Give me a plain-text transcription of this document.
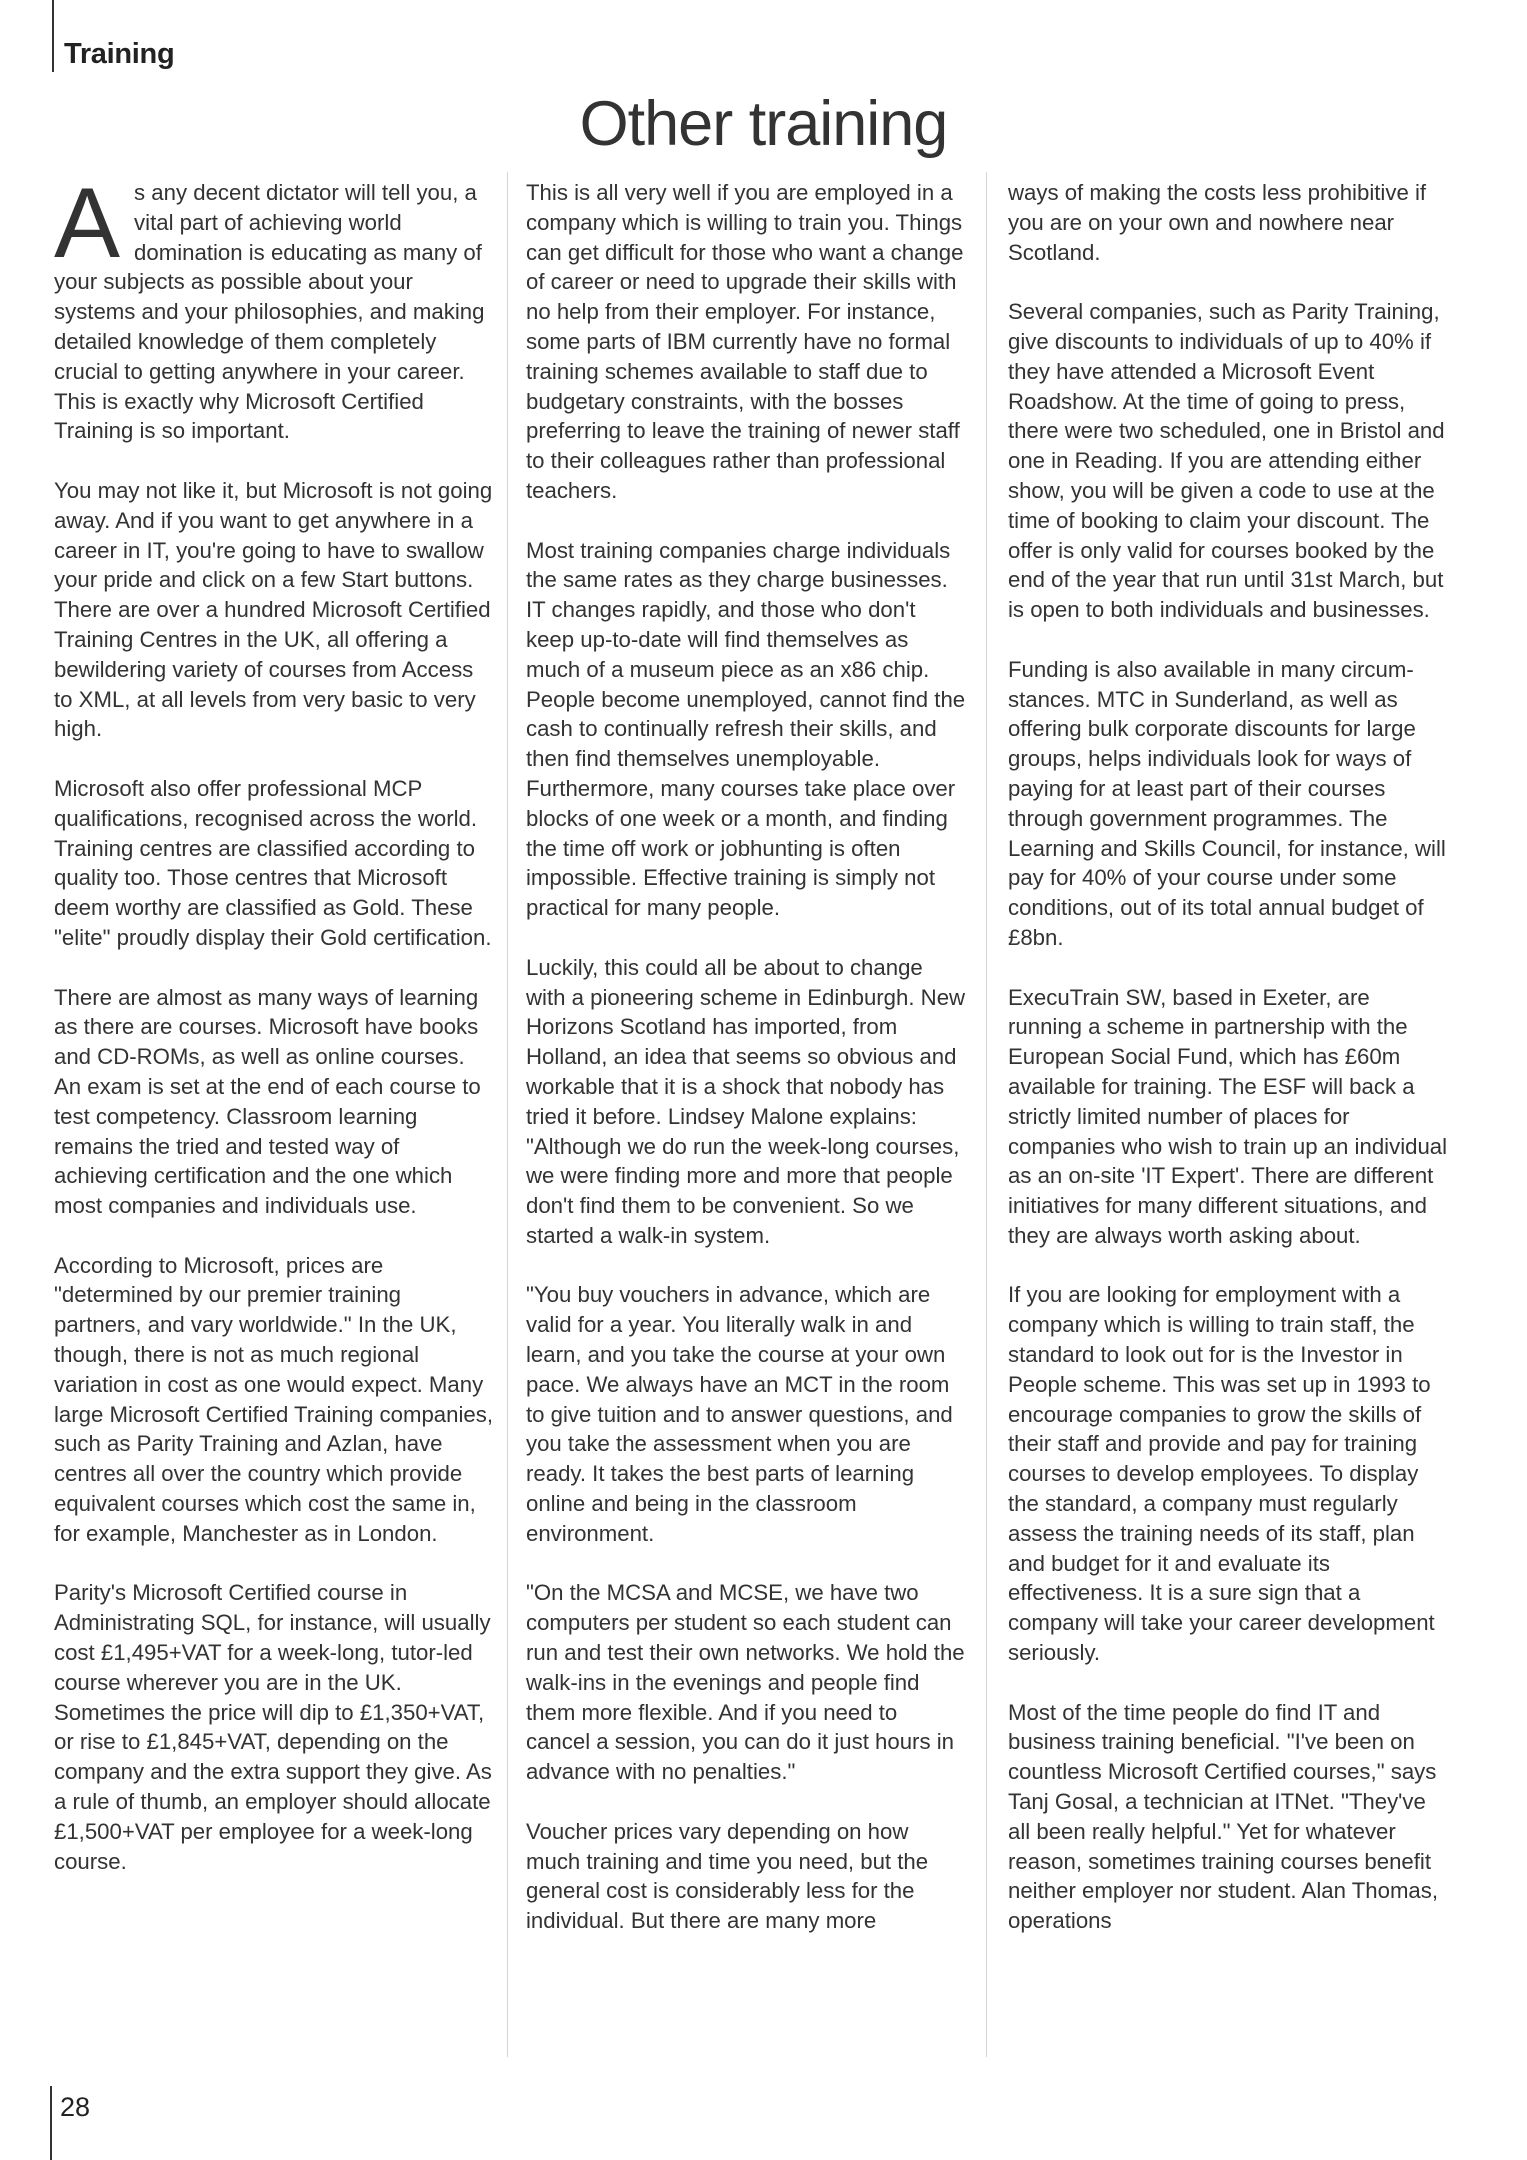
Training
Other training

As any decent dictator will tell you, a vital part of achieving world domination is educating as many of your subjects as possible about your systems and your philosophies, and making detailed knowledge of them completely crucial to getting anywhere in your career. This is exactly why Microsoft Certified Training is so important.

You may not like it, but Microsoft is not going away. And if you want to get anywhere in a career in IT, you're going to have to swallow your pride and click on a few Start buttons. There are over a hundred Microsoft Certified Training Centres in the UK, all offering a bewildering variety of courses from Access to XML, at all levels from very basic to very high.

Microsoft also offer professional MCP qualifications, recognised across the world. Training centres are classified according to quality too. Those centres that Microsoft deem worthy are classified as Gold. These "elite" proudly display their Gold certification.

There are almost as many ways of learning as there are courses. Microsoft have books and CD-ROMs, as well as online courses. An exam is set at the end of each course to test competency. Classroom learning remains the tried and tested way of achieving certification and the one which most companies and individuals use.

According to Microsoft, prices are "determined by our premier training partners, and vary worldwide." In the UK, though, there is not as much regional variation in cost as one would expect. Many large Microsoft Certified Training companies, such as Parity Training and Azlan, have centres all over the country which provide equivalent courses which cost the same in, for example, Manchester as in London.

Parity's Microsoft Certified course in Administrating SQL, for instance, will usually cost £1,495+VAT for a week-long, tutor-led course wherever you are in the UK. Sometimes the price will dip to £1,350+VAT, or rise to £1,845+VAT, depending on the company and the extra support they give. As a rule of thumb, an employer should allocate £1,500+VAT per employee for a week-long course.

This is all very well if you are employed in a company which is willing to train you. Things can get difficult for those who want a change of career or need to upgrade their skills with no help from their employer. For instance, some parts of IBM currently have no formal training schemes available to staff due to budgetary constraints, with the bosses preferring to leave the training of newer staff to their colleagues rather than professional teachers.

Most training companies charge individuals the same rates as they charge businesses. IT changes rapidly, and those who don't keep up-to-date will find themselves as much of a museum piece as an x86 chip. People become unemployed, cannot find the cash to continually refresh their skills, and then find themselves unemployable. Furthermore, many courses take place over blocks of one week or a month, and finding the time off work or jobhunting is often impossible. Effective training is simply not practical for many people.

Luckily, this could all be about to change with a pioneering scheme in Edinburgh. New Horizons Scotland has imported, from Holland, an idea that seems so obvious and workable that it is a shock that nobody has tried it before. Lindsey Malone explains: "Although we do run the week-long courses, we were finding more and more that people don't find them to be convenient. So we started a walk-in system.

"You buy vouchers in advance, which are valid for a year. You literally walk in and learn, and you take the course at your own pace. We always have an MCT in the room to give tuition and to answer questions, and you take the assessment when you are ready. It takes the best parts of learning online and being in the classroom environment.

"On the MCSA and MCSE, we have two computers per student so each student can run and test their own networks. We hold the walk-ins in the evenings and people find them more flexible. And if you need to cancel a session, you can do it just hours in advance with no penalties."

Voucher prices vary depending on how much training and time you need, but the general cost is considerably less for the individual. But there are many more

ways of making the costs less prohibitive if you are on your own and nowhere near Scotland.

Several companies, such as Parity Training, give discounts to individuals of up to 40% if they have attended a Microsoft Event Roadshow. At the time of going to press, there were two scheduled, one in Bristol and one in Reading. If you are attending either show, you will be given a code to use at the time of booking to claim your discount. The offer is only valid for courses booked by the end of the year that run until 31st March, but is open to both individuals and businesses.

Funding is also available in many circum-stances. MTC in Sunderland, as well as offering bulk corporate discounts for large groups, helps individuals look for ways of paying for at least part of their courses through government programmes. The Learning and Skills Council, for instance, will pay for 40% of your course under some conditions, out of its total annual budget of £8bn.

ExecuTrain SW, based in Exeter, are running a scheme in partnership with the European Social Fund, which has £60m available for training. The ESF will back a strictly limited number of places for companies who wish to train up an individual as an on-site 'IT Expert'. There are different initiatives for many different situations, and they are always worth asking about.

If you are looking for employment with a company which is willing to train staff, the standard to look out for is the Investor in People scheme. This was set up in 1993 to encourage companies to grow the skills of their staff and provide and pay for training courses to develop employees. To display the standard, a company must regularly assess the training needs of its staff, plan and budget for it and evaluate its effectiveness. It is a sure sign that a company will take your career development seriously.

Most of the time people do find IT and business training beneficial. "I've been on countless Microsoft Certified courses," says Tanj Gosal, a technician at ITNet. "They've all been really helpful." Yet for whatever reason, sometimes training courses benefit neither employer nor student. Alan Thomas, operations

28
